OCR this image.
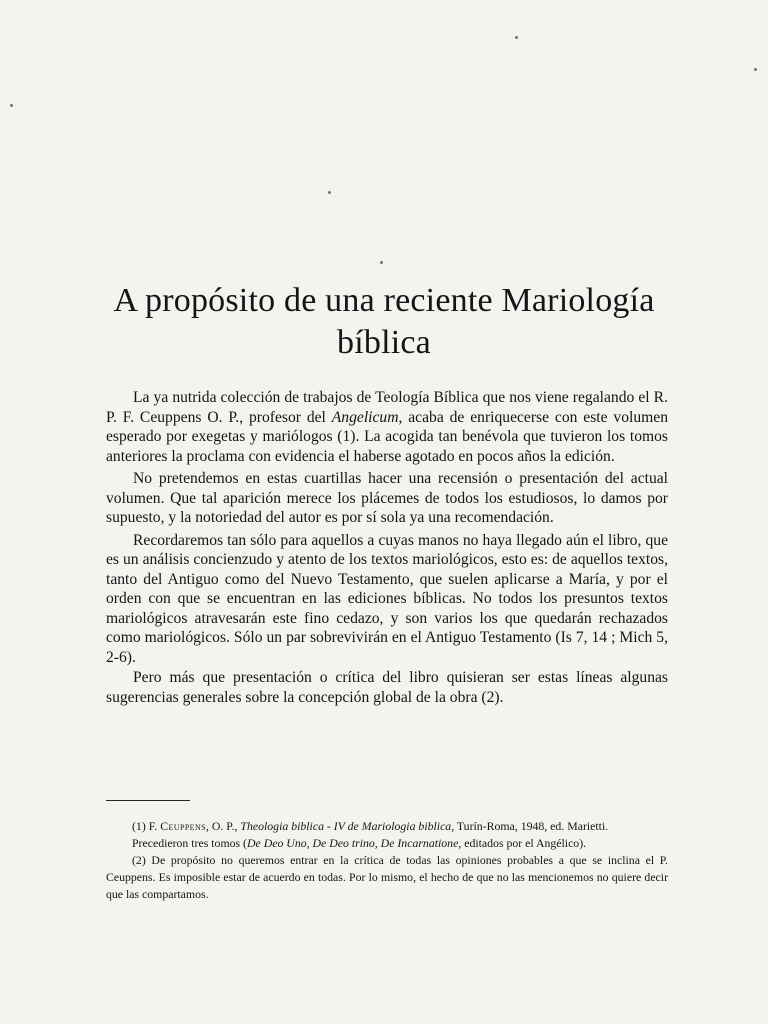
A propósito de una reciente Mariología
bíblica

La ya nutrida colección de trabajos de Teología Bíblica que nos viene regalando el R. P. F. Ceuppens O. P., profesor del Angelicum, acaba de enriquecerse con este volumen esperado por exegetas y mariólogos (1). La acogida tan benévola que tuvieron los tomos anteriores la proclama con evidencia el haberse agotado en pocos años la edición.

No pretendemos en estas cuartillas hacer una recensión o presentación del actual volumen. Que tal aparición merece los plácemes de todos los estudiosos, lo damos por supuesto, y la notoriedad del autor es por sí sola ya una recomendación.

Recordaremos tan sólo para aquellos a cuyas manos no haya llegado aún el libro, que es un análisis concienzudo y atento de los textos mariológicos, esto es: de aquellos textos, tanto del Antiguo como del Nuevo Testamento, que suelen aplicarse a María, y por el orden con que se encuentran en las ediciones bíblicas. No todos los presuntos textos mariológicos atravesarán este fino cedazo, y son varios los que quedarán rechazados como mariológicos. Sólo un par sobrevivirán en el Antiguo Testamento (Is 7, 14 ; Mich 5, 2-6).

Pero más que presentación o crítica del libro quisieran ser estas líneas algunas sugerencias generales sobre la concepción global de la obra (2).

(1) F. Ceuppens, O. P., Theologia biblica - IV de Mariologia biblica, Turín-Roma, 1948, ed. Marietti.

Precedieron tres tomos (De Deo Uno, De Deo trino, De Incarnatione, editados por el Angélico).

(2) De propósito no queremos entrar en la crítica de todas las opiniones probables a que se inclina el P. Ceuppens. Es imposible estar de acuerdo en todas. Por lo mismo, el hecho de que no las mencionemos no quiere decir que las compartamos.
